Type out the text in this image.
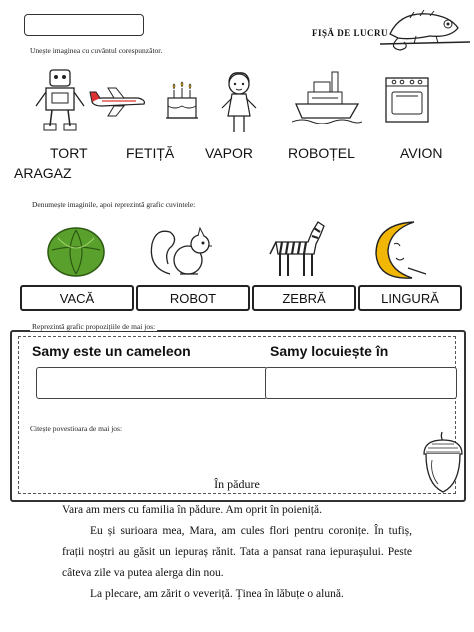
FIȘĂ DE LUCRU
Unește imaginea cu cuvântul corespunzător.
TORT	FETIȚĂ VAPOR	ROBOȚEL	AVION
ARAGAZ
Denumește imaginile, apoi reprezintă grafic cuvintele:
VACĂ	ROBOT	ZEBRĂ	LINGURĂ
Reprezintă grafic propozițiile de mai jos:
Samy este un cameleon	Samy locuiește în
Citește povestioara de mai jos:
În pădure

Vara am mers cu familia în pădure. Am oprit în poieniță.

Eu și surioara mea, Mara, am cules flori pentru coronițe. În tufiș, frații noștri au găsit un iepuraș rănit. Tata a pansat rana iepurașului. Peste câteva zile va putea alerga din nou.

La plecare, am zărit o veveriță. Ținea în lăbuțe o alună.
